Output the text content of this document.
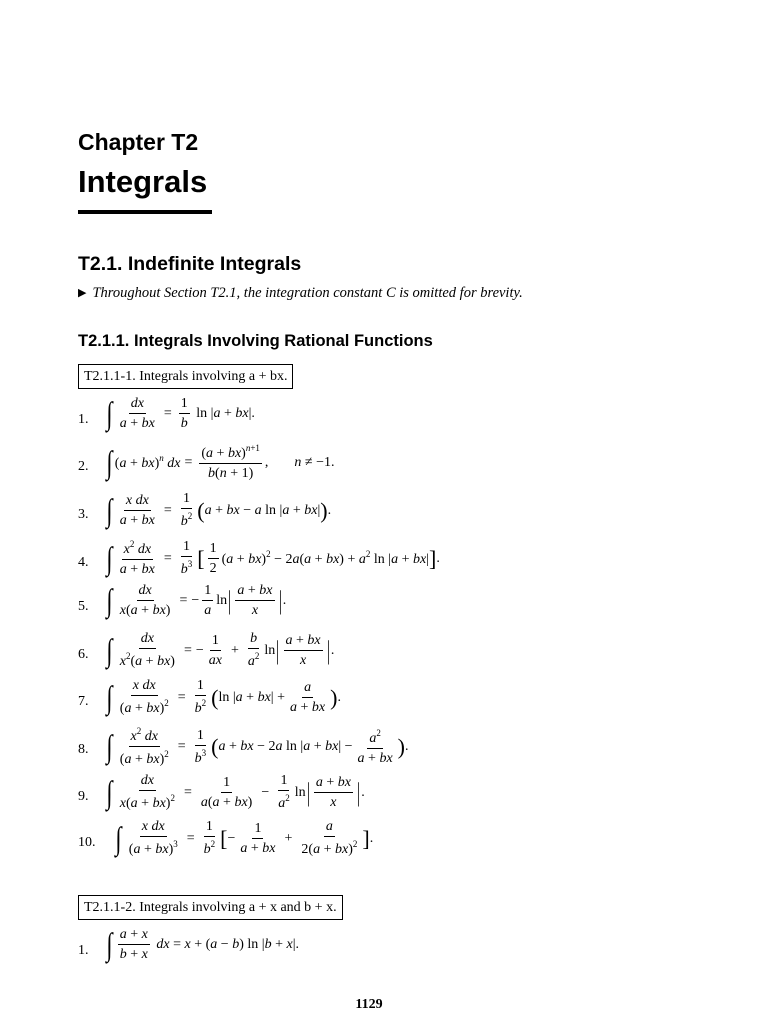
Chapter T2
Integrals
T2.1. Indefinite Integrals

▶ Throughout Section T2.1, the integration constant C is omitted for brevity.

T2.1.1. Integrals Involving Rational Functions
T2.1.1-1. Integrals involving a + bx.
1. ∫ $\frac{dx}{a + bx} = \frac{1}{b}$ ln |a + bx|.
2. ∫ (a + bx)$^n$ dx = $\frac{(a + bx)^{n+1}}{b(n + 1)}$ , n ≠ −1.
3. ∫ $\frac{\text{x dx}}{a + bx} = \frac{1}{b^2}$ ( a + bx − a ln |a + bx| ) .
4. ∫ $\frac{x^2 dx}{a + bx} = \frac{1}{b^3}$ [ $\frac{1}{2} (a + bx)^2 - 2a(a + bx) + a^2$ ln |a + bx| ] .
5. ∫ $\frac{dx}{x(a + bx)}$ = − $\frac{1}{a}$ ln | $\frac{a + bx}{x}$ | .
6. ∫ $\frac{dx}{x^2(a + bx)}$ = − $\frac{1}{ax} + \frac{b}{a^2}$ ln | $\frac{a + bx}{x}$ | .
7. ∫ $\frac{\text{x dx}}{(a + bx)^2} = \frac{1}{b^2}$ ( $\ln |a + bx| + \frac{a}{a + bx}$ ) .
8. ∫ $\frac{x^2 dx}{(a + bx)^2} = \frac{1}{b^3}$ ( a + bx − 2a $\ln |a + bx| - \frac{a^2}{a + bx}$ ) .
9. ∫ $\frac{dx}{x(a + bx)^2} = \frac{1}{a(a + bx)} - \frac{1}{a^2}$ ln | $\frac{a + bx}{x}$ | .
10. ∫ $\frac{\text{x dx}}{(a + bx)^3} = \frac{1}{b^2}$ [ − $\frac{1}{a + bx} + \frac{a}{2(a + bx)^2}$ ] .
T2.1.1-2. Integrals involving a + x and b + x.
1. ∫ $\frac{a + x}{b + x}$ dx = x + (a − b) ln |b + x|.

1129
